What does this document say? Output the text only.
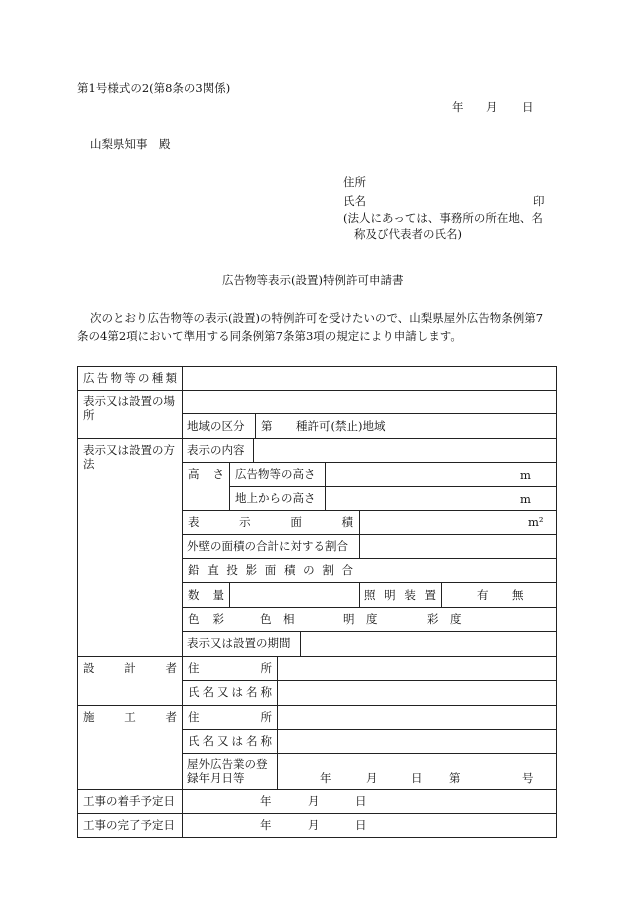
第1号様式の2(第8条の3関係)
年 月 日
山梨県知事　殿
住所
氏名	印
(法人にあっては、事務所の所在地、名
称及び代表者の氏名)
広告物等表示(設置)特例許可申請書
次のとおり広告物等の表示(設置)の特例許可を受けたいので、山梨県屋外広告物条例第7
条の4第2項において準用する同条例第7条第3項の規定により申請します。
広 告 物 等 の 種 類
表示又は設置の場所
地域の区分 第 種許可(禁止)地域
表示又は設置の方法
表示の内容
高 さ 広告物等の高さ	m
地上からの高さ	m
表	示	面	積	m²
外壁の面積の合計に対する割合
鉛 直 投 影 面 積 の 割 合
数 量	照 明 装 置	有 無
色 彩	色　相	明　度	彩　度
表示又は設置の期間
設	計	者 住	所
氏 名 又 は 名 称
施	工	者 住	所
氏 名 又 は 名 称
屋外広告業の登録年月日等	年	月	日 第	号
工事の着手予定日	年	月	日
工事の完了予定日	年	月	日
